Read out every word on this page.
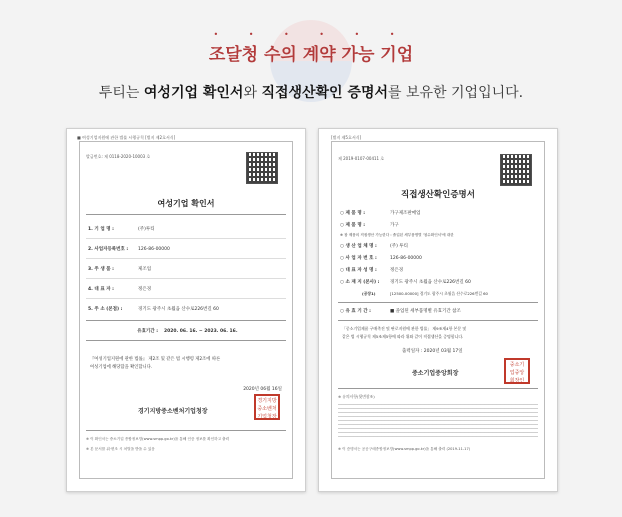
• • • • • •
조달청 수의 계약 가능 기업
투티는 여성기업 확인서와 직접생산확인 증명서를 보유한 기업입니다.
■ 여성기업지원에 관한 법률 시행규칙 [별지 제2호서식]
발급번호: 제 0118-2020-10003 호
여성기업 확인서
1. 기 업 명 :	(주)투티
2. 사업자등록번호 : 126-86-00000
3. 주 생 품 :	제조업
4. 대 표 자 :	정은경
5. 주 소 (본점) :	경기도 광주시 초월읍 산수로226번길 60
유효기간 : 2020. 06. 16. ~ 2023. 06. 16.
『여성기업지원에 관한 법률』 제2조 및 같은 법 시행령 제2조에 따른
여성기업에 해당함을 확인합니다.
2020년 06월 16일
경기지방중소벤처기업청장
경기지방
중소벤처
기업청장
※ 이 확인서는 중소기업 종합정보망(www.smpp.go.kr)을 통해 인증 정보를 확인하고 출력
※ 본 문서를 위·변조 시 처벌을 받을 수 있음
[별지 제5호서식]
제 2019-0107-00411 호
직접생산확인증명서
○ 제 품 명 :	가구제조판매업
○ 제 품 명 :	가구
※ 참 제품의 직접생산 가능한다 : 졸업된 세부품명별 '첨수확인서'에 대한
○ 생 산 업 체 명 :	(주) 투티
○ 사 업 자 번 호 :	126-86-00000
○ 대 표 자 성 명 :	정은경
○ 소 재 지 (본사) : 경기도 광주시 초월읍 산수로226번길 60
(공장1)	[12500-00000] 경기도 광주시 초월읍 산수로226번길 60
○ 유 효 기 간 :	■ 졸업된 세부품명별 유효기간 참조
「중소기업제품 구매촉진 및 판로지원에 관한 법률」 제9조제4항 본문 및
같은 법 시행규칙 제5조제5항에 따라 위와 같이 직접생산을 증명합니다.
출력일자 : 2020년 03월 17일
중소기업중앙회장
중소기
업중앙
회장인
※ 유의사항(뒷면참조)
※ 이 증명서는 공공구매종합정보망(www.smpp.go.kr)을 통해 출력 (2019-11-17)
